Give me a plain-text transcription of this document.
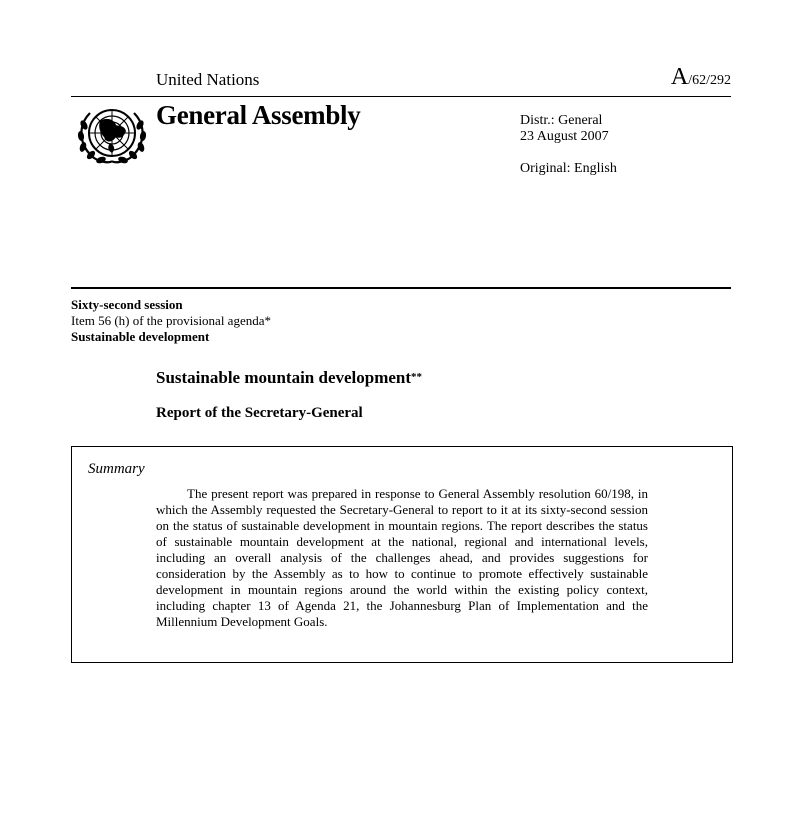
United Nations	A/62/292
General Assembly	Distr.: General
23 August 2007
Original: English
Sixty-second session
Item 56 (h) of the provisional agenda*
Sustainable development
Sustainable mountain development**
Report of the Secretary-General
Summary
The present report was prepared in response to General Assembly resolution 60/198, in which the Assembly requested the Secretary-General to report to it at its sixty-second session on the status of sustainable development in mountain regions. The report describes the status of sustainable mountain development at the national, regional and international levels, including an overall analysis of the challenges ahead, and provides suggestions for consideration by the Assembly as to how to continue to promote effectively sustainable development in mountain regions around the world within the existing policy context, including chapter 13 of Agenda 21, the Johannesburg Plan of Implementation and the Millennium Development Goals.
